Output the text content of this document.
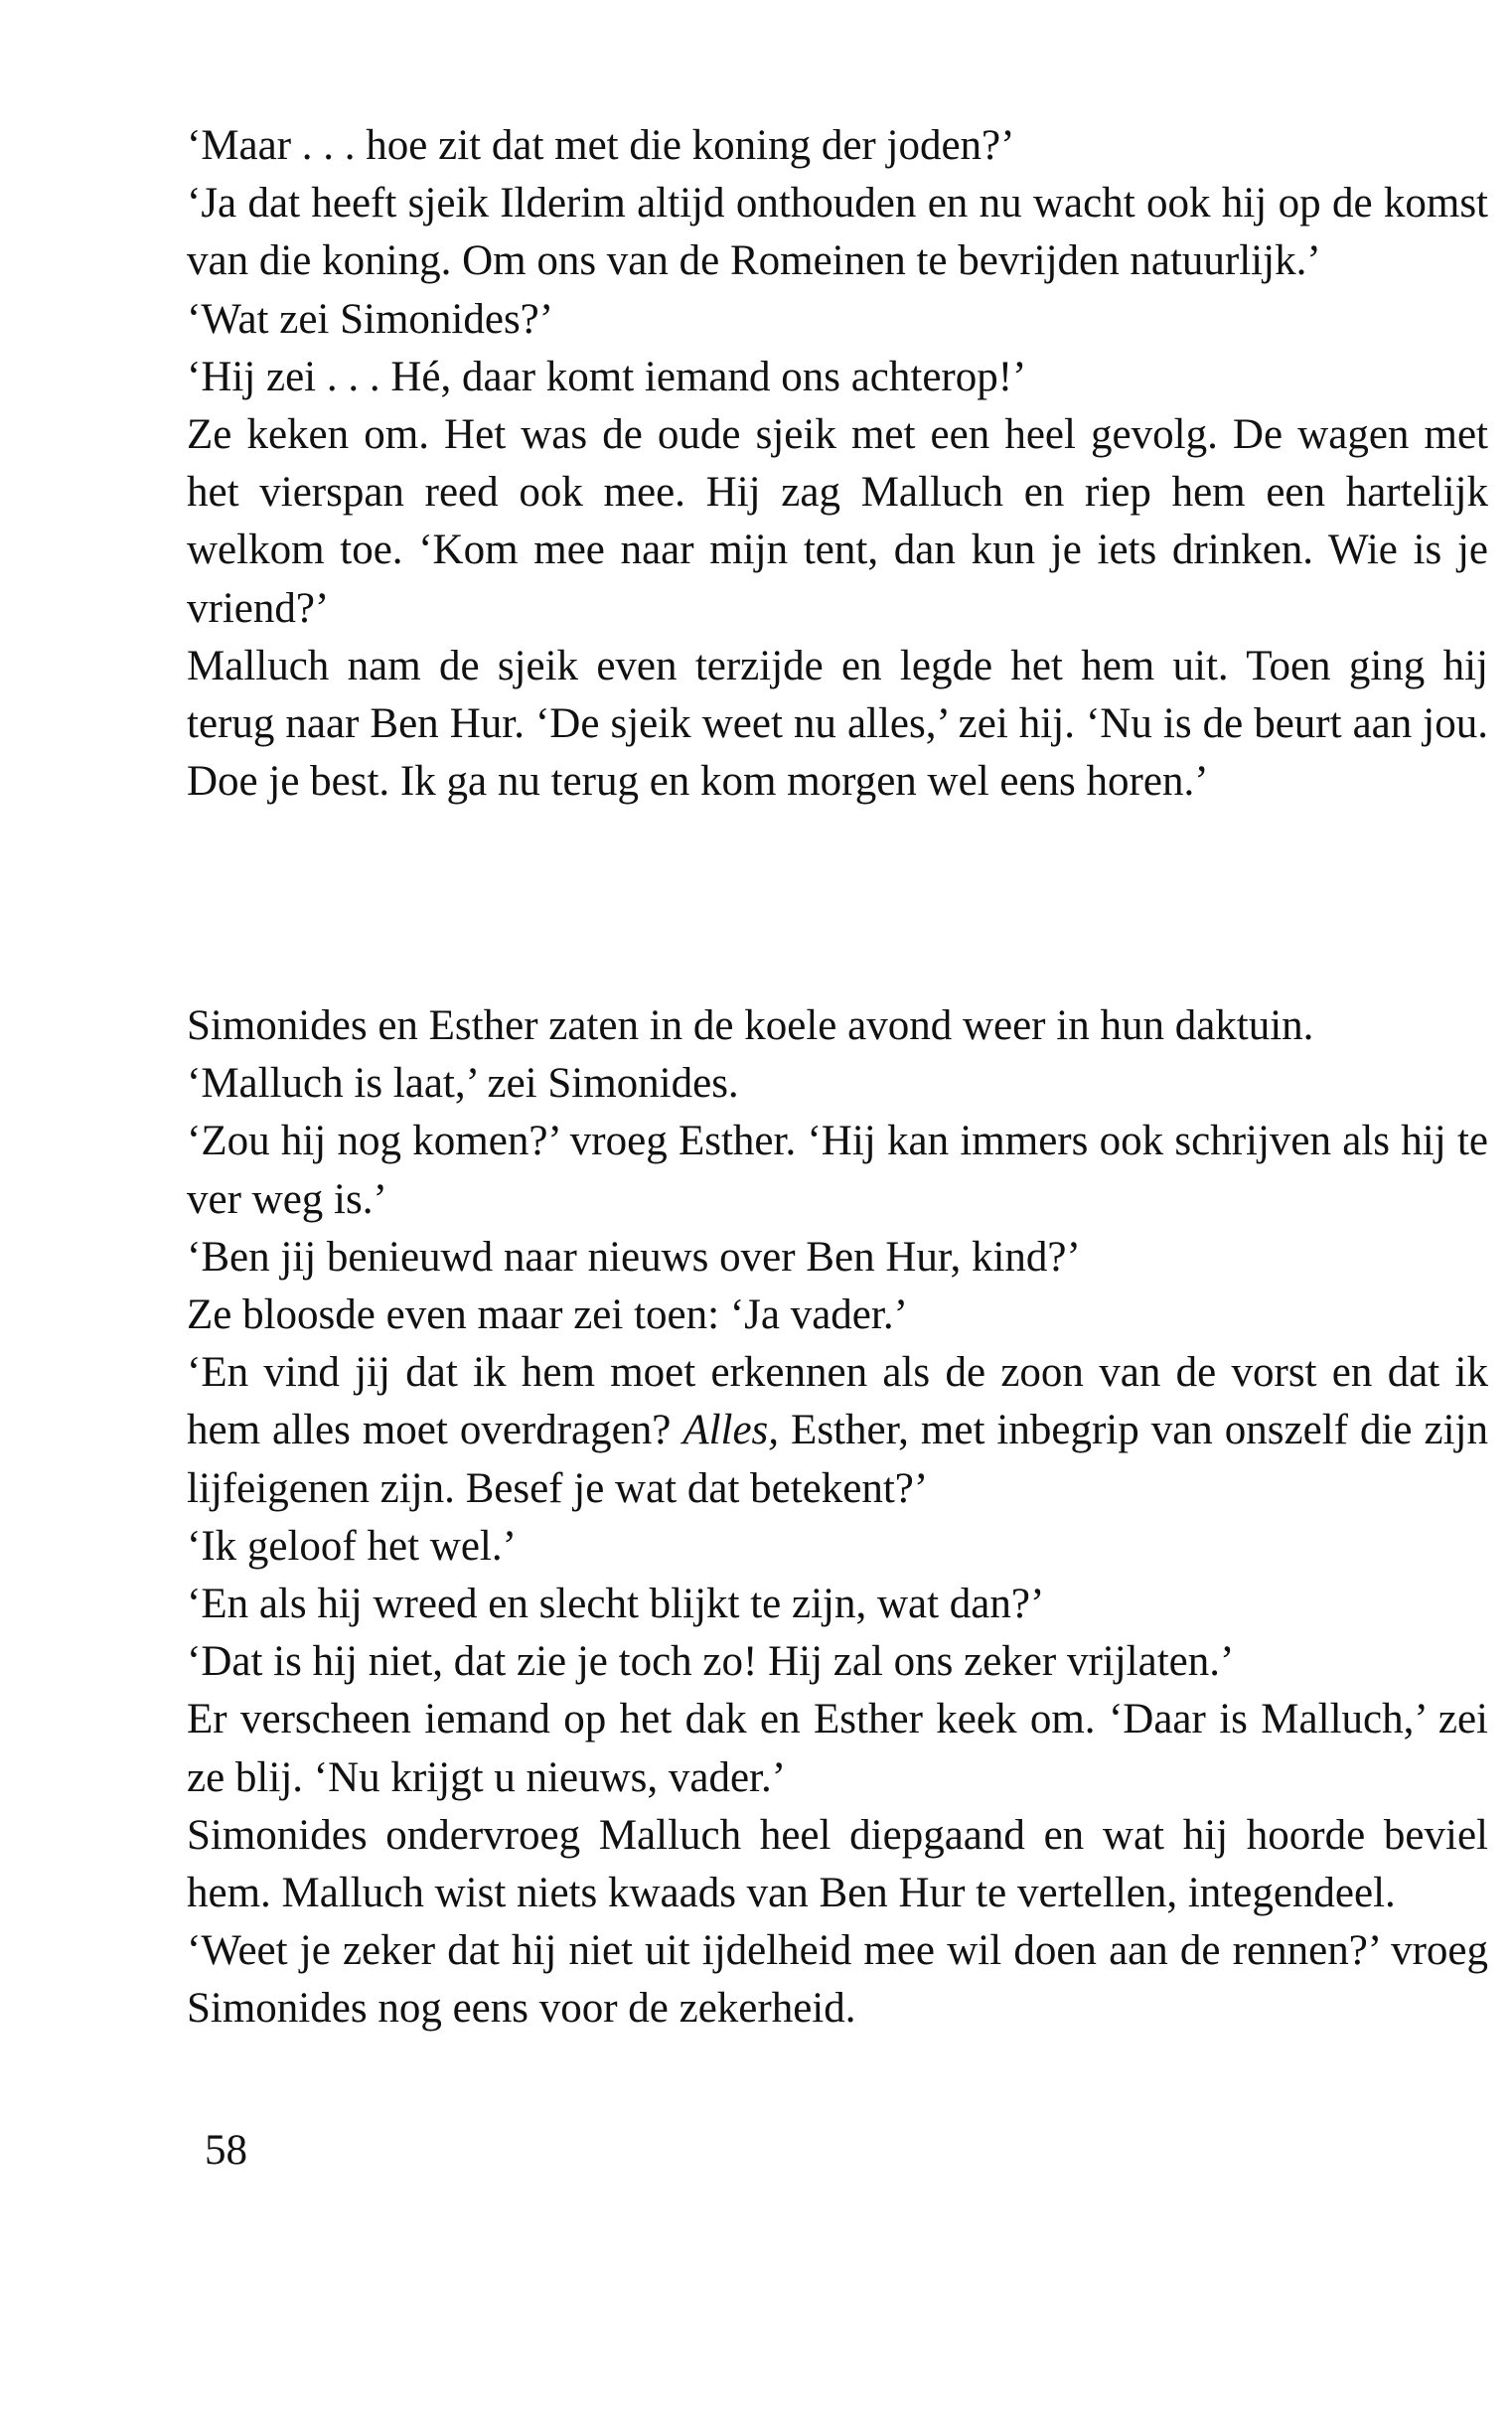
‘Maar . . . hoe zit dat met die koning der joden?’

‘Ja dat heeft sjeik Ilderim altijd onthouden en nu wacht ook hij op de komst van die koning. Om ons van de Romeinen te bevrijden natuurlijk.’

‘Wat zei Simonides?’

‘Hij zei . . . Hé, daar komt iemand ons achterop!’

Ze keken om. Het was de oude sjeik met een heel gevolg. De wagen met het vierspan reed ook mee. Hij zag Malluch en riep hem een hartelijk welkom toe. ‘Kom mee naar mijn tent, dan kun je iets drinken. Wie is je vriend?’

Malluch nam de sjeik even terzijde en legde het hem uit. Toen ging hij terug naar Ben Hur. ‘De sjeik weet nu alles,’ zei hij. ‘Nu is de beurt aan jou. Doe je best. Ik ga nu terug en kom morgen wel eens horen.’

Simonides en Esther zaten in de koele avond weer in hun daktuin.

‘Malluch is laat,’ zei Simonides.

‘Zou hij nog komen?’ vroeg Esther. ‘Hij kan immers ook schrijven als hij te ver weg is.’

‘Ben jij benieuwd naar nieuws over Ben Hur, kind?’

Ze bloosde even maar zei toen: ‘Ja vader.’

‘En vind jij dat ik hem moet erkennen als de zoon van de vorst en dat ik hem alles moet overdragen? Alles, Esther, met inbegrip van onszelf die zijn lijfeigenen zijn. Besef je wat dat betekent?’

‘Ik geloof het wel.’

‘En als hij wreed en slecht blijkt te zijn, wat dan?’

‘Dat is hij niet, dat zie je toch zo! Hij zal ons zeker vrijlaten.’

Er verscheen iemand op het dak en Esther keek om. ‘Daar is Malluch,’ zei ze blij. ‘Nu krijgt u nieuws, vader.’

Simonides ondervroeg Malluch heel diepgaand en wat hij hoorde beviel hem. Malluch wist niets kwaads van Ben Hur te vertellen, integendeel.

‘Weet je zeker dat hij niet uit ijdelheid mee wil doen aan de rennen?’ vroeg Simonides nog eens voor de zekerheid.

58
